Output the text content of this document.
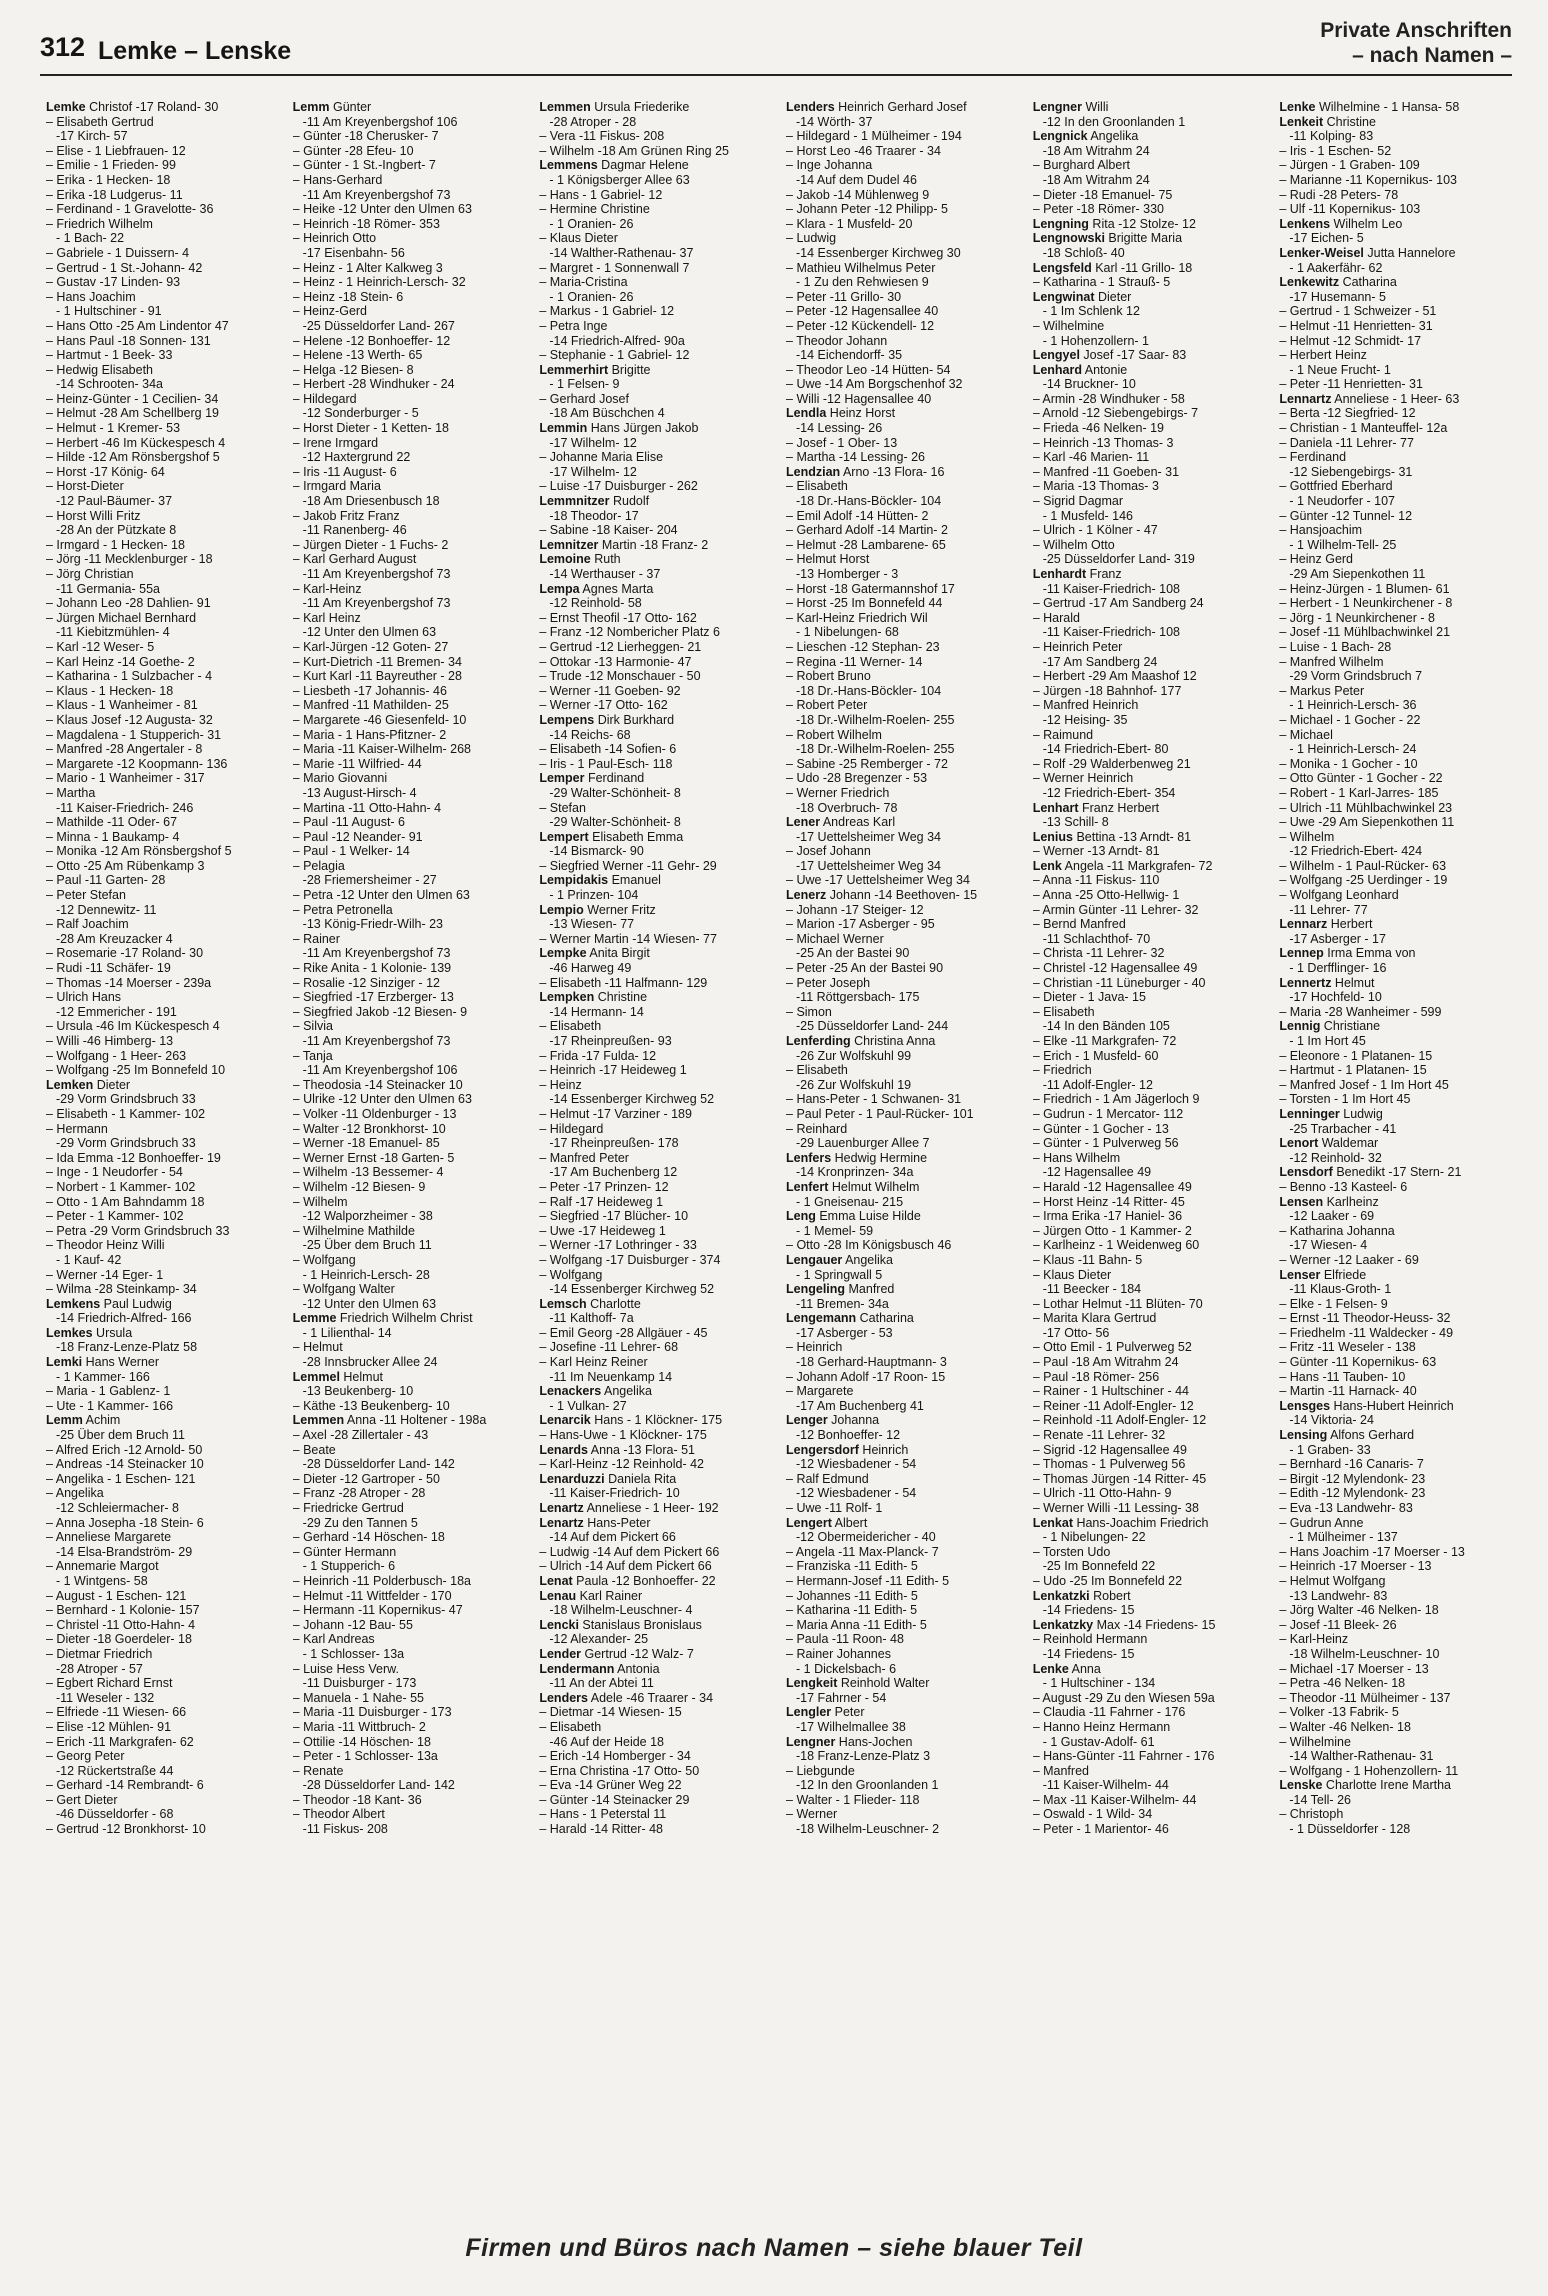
312 Lemke – Lenske
Private Anschriften
– nach Namen –
Lemke Christof -17 Roland- 30
– Elisabeth Gertrud
-17 Kirch- 57
– Elise - 1 Liebfrauen- 12
– Emilie - 1 Frieden- 99
– Erika - 1 Hecken- 18
– Erika -18 Ludgerus- 11
– Ferdinand - 1 Gravelotte- 36
– Friedrich Wilhelm
- 1 Bach- 22
– Gabriele - 1 Duissern- 4
– Gertrud - 1 St.-Johann- 42
– Gustav -17 Linden- 93
– Hans Joachim
- 1 Hultschiner - 91
– Hans Otto -25 Am Lindentor 47
– Hans Paul -18 Sonnen- 131
– Hartmut - 1 Beek- 33
– Hedwig Elisabeth
-14 Schrooten- 34a
– Heinz-Günter - 1 Cecilien- 34
– Helmut -28 Am Schellberg 19
– Helmut - 1 Kremer- 53
– Herbert -46 Im Kückespesch 4
– Hilde -12 Am Rönsbergshof 5
– Horst -17 König- 64
– Horst-Dieter
-12 Paul-Bäumer- 37
– Horst Willi Fritz
-28 An der Pützkate 8
– Irmgard - 1 Hecken- 18
– Jörg -11 Mecklenburger - 18
– Jörg Christian
-11 Germania- 55a
– Johann Leo -28 Dahlien- 91
– Jürgen Michael Bernhard
-11 Kiebitzmühlen- 4
– Karl -12 Weser- 5
– Karl Heinz -14 Goethe- 2
– Katharina - 1 Sulzbacher - 4
– Klaus - 1 Hecken- 18
– Klaus - 1 Wanheimer - 81
– Klaus Josef -12 Augusta- 32
– Magdalena - 1 Stupperich- 31
– Manfred -28 Angertaler - 8
– Margarete -12 Koopmann- 136
– Mario - 1 Wanheimer - 317
– Martha
-11 Kaiser-Friedrich- 246
– Mathilde -11 Oder- 67
– Minna - 1 Baukamp- 4
– Monika -12 Am Rönsbergshof 5
– Otto -25 Am Rübenkamp 3
– Paul -11 Garten- 28
– Peter Stefan
-12 Dennewitz- 11
– Ralf Joachim
-28 Am Kreuzacker 4
– Rosemarie -17 Roland- 30
– Rudi -11 Schäfer- 19
– Thomas -14 Moerser - 239a
– Ulrich Hans
-12 Emmericher - 191
– Ursula -46 Im Kückespesch 4
– Willi -46 Himberg- 13
– Wolfgang - 1 Heer- 263
– Wolfgang -25 Im Bonnefeld 10
Lemken Dieter
-29 Vorm Grindsbruch 33
– Elisabeth - 1 Kammer- 102
– Hermann
-29 Vorm Grindsbruch 33
– Ida Emma -12 Bonhoeffer- 19
– Inge - 1 Neudorfer - 54
– Norbert - 1 Kammer- 102
– Otto - 1 Am Bahndamm 18
– Peter - 1 Kammer- 102
– Petra -29 Vorm Grindsbruch 33
– Theodor Heinz Willi
- 1 Kauf- 42
– Werner -14 Eger- 1
– Wilma -28 Steinkamp- 34
Lemkens Paul Ludwig
-14 Friedrich-Alfred- 166
Lemkes Ursula
-18 Franz-Lenze-Platz 58
Lemki Hans Werner
- 1 Kammer- 166
– Maria - 1 Gablenz- 1
– Ute - 1 Kammer- 166
Lemm Achim
-25 Über dem Bruch 11
– Alfred Erich -12 Arnold- 50
– Andreas -14 Steinacker 10
– Angelika - 1 Eschen- 121
– Angelika
-12 Schleiermacher- 8
– Anna Josepha -18 Stein- 6
– Anneliese Margarete
-14 Elsa-Brandström- 29
– Annemarie Margot
- 1 Wintgens- 58
– August - 1 Eschen- 121
– Bernhard - 1 Kolonie- 157
– Christel -11 Otto-Hahn- 4
– Dieter -18 Goerdeler- 18
– Dietmar Friedrich
-28 Atroper - 57
– Egbert Richard Ernst
-11 Weseler - 132
– Elfriede -11 Wiesen- 66
– Elise -12 Mühlen- 91
– Erich -11 Markgrafen- 62
– Georg Peter
-12 Rückertstraße 44
– Gerhard -14 Rembrandt- 6
– Gert Dieter
-46 Düsseldorfer - 68
– Gertrud -12 Bronkhorst- 10
Lemm Günter
-11 Am Kreyenbergshof 106
– Günter -18 Cherusker- 7
– Günter -28 Efeu- 10
– Günter - 1 St.-Ingbert- 7
– Hans-Gerhard
-11 Am Kreyenbergshof 73
– Heike -12 Unter den Ulmen 63
– Heinrich -18 Römer- 353
– Heinrich Otto
-17 Eisenbahn- 56
– Heinz - 1 Alter Kalkweg 3
– Heinz - 1 Heinrich-Lersch- 32
– Heinz -18 Stein- 6
– Heinz-Gerd
-25 Düsseldorfer Land- 267
– Helene -12 Bonhoeffer- 12
– Helene -13 Werth- 65
– Helga -12 Biesen- 8
– Herbert -28 Windhuker - 24
– Hildegard
-12 Sonderburger - 5
– Horst Dieter - 1 Ketten- 18
– Irene Irmgard
-12 Haxtergrund 22
– Iris -11 August- 6
– Irmgard Maria
-18 Am Driesenbusch 18
– Jakob Fritz Franz
-11 Ranenberg- 46
– Jürgen Dieter - 1 Fuchs- 2
– Karl Gerhard August
-11 Am Kreyenbergshof 73
– Karl-Heinz
-11 Am Kreyenbergshof 73
– Karl Heinz
-12 Unter den Ulmen 63
– Karl-Jürgen -12 Goten- 27
– Kurt-Dietrich -11 Bremen- 34
– Kurt Karl -11 Bayreuther - 28
– Liesbeth -17 Johannis- 46
– Manfred -11 Mathilden- 25
– Margarete -46 Giesenfeld- 10
– Maria - 1 Hans-Pfitzner- 2
– Maria -11 Kaiser-Wilhelm- 268
– Marie -11 Wilfried- 44
– Mario Giovanni
-13 August-Hirsch- 4
– Martina -11 Otto-Hahn- 4
– Paul -11 August- 6
– Paul -12 Neander- 91
– Paul - 1 Welker- 14
– Pelagia
-28 Friemersheimer - 27
– Petra -12 Unter den Ulmen 63
– Petra Petronella
-13 König-Friedr-Wilh- 23
– Rainer
-11 Am Kreyenbergshof 73
– Rike Anita - 1 Kolonie- 139
– Rosalie -12 Sinziger - 12
– Siegfried -17 Erzberger- 13
– Siegfried Jakob -12 Biesen- 9
– Silvia
-11 Am Kreyenbergshof 73
– Tanja
-11 Am Kreyenbergshof 106
– Theodosia -14 Steinacker 10
– Ulrike -12 Unter den Ulmen 63
– Volker -11 Oldenburger - 13
– Walter -12 Bronkhorst- 10
– Werner -18 Emanuel- 85
– Werner Ernst -18 Garten- 5
– Wilhelm -13 Bessemer- 4
– Wilhelm -12 Biesen- 9
– Wilhelm
-12 Walporzheimer - 38
– Wilhelmine Mathilde
-25 Über dem Bruch 11
– Wolfgang
- 1 Heinrich-Lersch- 28
– Wolfgang Walter
-12 Unter den Ulmen 63
Lemme Friedrich Wilhelm Christ
- 1 Lilienthal- 14
– Helmut
-28 Innsbrucker Allee 24
Lemmel Helmut
-13 Beukenberg- 10
– Käthe -13 Beukenberg- 10
Lemmen Anna -11 Holtener - 198a
– Axel -28 Zillertaler - 43
– Beate
-28 Düsseldorfer Land- 142
– Dieter -12 Gartroper - 50
– Franz -28 Atroper - 28
– Friedricke Gertrud
-29 Zu den Tannen 5
– Gerhard -14 Höschen- 18
– Günter Hermann
- 1 Stupperich- 6
– Heinrich -11 Polderbusch- 18a
– Helmut -11 Wittfelder - 170
– Hermann -11 Kopernikus- 47
– Johann -12 Bau- 55
– Karl Andreas
- 1 Schlosser- 13a
– Luise Hess Verw.
-11 Duisburger - 173
– Manuela - 1 Nahe- 55
– Maria -11 Duisburger - 173
– Maria -11 Wittbruch- 2
– Ottilie -14 Höschen- 18
– Peter - 1 Schlosser- 13a
– Renate
-28 Düsseldorfer Land- 142
– Theodor -18 Kant- 36
– Theodor Albert
-11 Fiskus- 208
Lemmen Ursula Friederike
-28 Atroper - 28
– Vera -11 Fiskus- 208
– Wilhelm -18 Am Grünen Ring 25
Lemmens Dagmar Helene
- 1 Königsberger Allee 63
– Hans - 1 Gabriel- 12
– Hermine Christine
- 1 Oranien- 26
– Klaus Dieter
-14 Walther-Rathenau- 37
– Margret - 1 Sonnenwall 7
– Maria-Cristina
- 1 Oranien- 26
– Markus - 1 Gabriel- 12
– Petra Inge
-14 Friedrich-Alfred- 90a
– Stephanie - 1 Gabriel- 12
Lemmerhirt Brigitte
- 1 Felsen- 9
– Gerhard Josef
-18 Am Büschchen 4
Lemmin Hans Jürgen Jakob
-17 Wilhelm- 12
– Johanne Maria Elise
-17 Wilhelm- 12
– Luise -17 Duisburger - 262
Lemmnitzer Rudolf
-18 Theodor- 17
– Sabine -18 Kaiser- 204
Lemnitzer Martin -18 Franz- 2
Lemoine Ruth
-14 Werthauser - 37
Lempa Agnes Marta
-12 Reinhold- 58
– Ernst Theofil -17 Otto- 162
– Franz -12 Nombericher Platz 6
– Gertrud -12 Lierheggen- 21
– Ottokar -13 Harmonie- 47
– Trude -12 Monschauer - 50
– Werner -11 Goeben- 92
– Werner -17 Otto- 162
Lempens Dirk Burkhard
-14 Reichs- 68
– Elisabeth -14 Sofien- 6
– Iris - 1 Paul-Esch- 118
Lemper Ferdinand
-29 Walter-Schönheit- 8
– Stefan
-29 Walter-Schönheit- 8
Lempert Elisabeth Emma
-14 Bismarck- 90
– Siegfried Werner -11 Gehr- 29
Lempidakis Emanuel
- 1 Prinzen- 104
Lempio Werner Fritz
-13 Wiesen- 77
– Werner Martin -14 Wiesen- 77
Lempke Anita Birgit
-46 Harweg 49
– Elisabeth -11 Halfmann- 129
Lempken Christine
-14 Hermann- 14
– Elisabeth
-17 Rheinpreußen- 93
– Frida -17 Fulda- 12
– Heinrich -17 Heideweg 1
– Heinz
-14 Essenberger Kirchweg 52
– Helmut -17 Varziner - 189
– Hildegard
-17 Rheinpreußen- 178
– Manfred Peter
-17 Am Buchenberg 12
– Peter -17 Prinzen- 12
– Ralf -17 Heideweg 1
– Siegfried -17 Blücher- 10
– Uwe -17 Heideweg 1
– Werner -17 Lothringer - 33
– Wolfgang -17 Duisburger - 374
– Wolfgang
-14 Essenberger Kirchweg 52
Lemsch Charlotte
-11 Kalthoff- 7a
– Emil Georg -28 Allgäuer - 45
– Josefine -11 Lehrer- 68
– Karl Heinz Reiner
-11 Im Neuenkamp 14
Lenackers Angelika
- 1 Vulkan- 27
Lenarcik Hans - 1 Klöckner- 175
– Hans-Uwe - 1 Klöckner- 175
Lenards Anna -13 Flora- 51
– Karl-Heinz -12 Reinhold- 42
Lenarduzzi Daniela Rita
-11 Kaiser-Friedrich- 10
Lenartz Anneliese - 1 Heer- 192
Lenartz Hans-Peter
-14 Auf dem Pickert 66
– Ludwig -14 Auf dem Pickert 66
– Ulrich -14 Auf dem Pickert 66
Lenat Paula -12 Bonhoeffer- 22
Lenau Karl Rainer
-18 Wilhelm-Leuschner- 4
Lencki Stanislaus Bronislaus
-12 Alexander- 25
Lender Gertrud -12 Walz- 7
Lendermann Antonia
-11 An der Abtei 11
Lenders Adele -46 Traarer - 34
– Dietmar -14 Wiesen- 15
– Elisabeth
-46 Auf der Heide 18
– Erich -14 Homberger - 34
– Erna Christina -17 Otto- 50
– Eva -14 Grüner Weg 22
– Günter -14 Steinacker 29
– Hans - 1 Peterstal 11
– Harald -14 Ritter- 48
Lenders Heinrich Gerhard Josef
-14 Wörth- 37
– Hildegard - 1 Mülheimer - 194
– Horst Leo -46 Traarer - 34
– Inge Johanna
-14 Auf dem Dudel 46
– Jakob -14 Mühlenweg 9
– Johann Peter -12 Philipp- 5
– Klara - 1 Musfeld- 20
– Ludwig
-14 Essenberger Kirchweg 30
– Mathieu Wilhelmus Peter
- 1 Zu den Rehwiesen 9
– Peter -11 Grillo- 30
– Peter -12 Hagensallee 40
– Peter -12 Kückendell- 12
– Theodor Johann
-14 Eichendorff- 35
– Theodor Leo -14 Hütten- 54
– Uwe -14 Am Borgschenhof 32
– Willi -12 Hagensallee 40
Lendla Heinz Horst
-14 Lessing- 26
– Josef - 1 Ober- 13
– Martha -14 Lessing- 26
Lendzian Arno -13 Flora- 16
– Elisabeth
-18 Dr.-Hans-Böckler- 104
– Emil Adolf -14 Hütten- 2
– Gerhard Adolf -14 Martin- 2
– Helmut -28 Lambarene- 65
– Helmut Horst
-13 Homberger - 3
– Horst -18 Gatermannshof 17
– Horst -25 Im Bonnefeld 44
– Karl-Heinz Friedrich Wil
- 1 Nibelungen- 68
– Lieschen -12 Stephan- 23
– Regina -11 Werner- 14
– Robert Bruno
-18 Dr.-Hans-Böckler- 104
– Robert Peter
-18 Dr.-Wilhelm-Roelen- 255
– Robert Wilhelm
-18 Dr.-Wilhelm-Roelen- 255
– Sabine -25 Remberger - 72
– Udo -28 Bregenzer - 53
– Werner Friedrich
-18 Overbruch- 78
Lener Andreas Karl
-17 Uettelsheimer Weg 34
– Josef Johann
-17 Uettelsheimer Weg 34
– Uwe -17 Uettelsheimer Weg 34
Lenerz Johann -14 Beethoven- 15
– Johann -17 Steiger- 12
– Marion -17 Asberger - 95
– Michael Werner
-25 An der Bastei 90
– Peter -25 An der Bastei 90
– Peter Joseph
-11 Röttgersbach- 175
– Simon
-25 Düsseldorfer Land- 244
Lenferding Christina Anna
-26 Zur Wolfskuhl 99
– Elisabeth
-26 Zur Wolfskuhl 19
– Hans-Peter - 1 Schwanen- 31
– Paul Peter - 1 Paul-Rücker- 101
– Reinhard
-29 Lauenburger Allee 7
Lenfers Hedwig Hermine
-14 Kronprinzen- 34a
Lenfert Helmut Wilhelm
- 1 Gneisenau- 215
Leng Emma Luise Hilde
- 1 Memel- 59
– Otto -28 Im Königsbusch 46
Lengauer Angelika
- 1 Springwall 5
Lengeling Manfred
-11 Bremen- 34a
Lengemann Catharina
-17 Asberger - 53
– Heinrich
-18 Gerhard-Hauptmann- 3
– Johann Adolf -17 Roon- 15
– Margarete
-17 Am Buchenberg 41
Lenger Johanna
-12 Bonhoeffer- 12
Lengersdorf Heinrich
-12 Wiesbadener - 54
– Ralf Edmund
-12 Wiesbadener - 54
– Uwe -11 Rolf- 1
Lengert Albert
-12 Obermeidericher - 40
– Angela -11 Max-Planck- 7
– Franziska -11 Edith- 5
– Hermann-Josef -11 Edith- 5
– Johannes -11 Edith- 5
– Katharina -11 Edith- 5
– Maria Anna -11 Edith- 5
– Paula -11 Roon- 48
– Rainer Johannes
- 1 Dickelsbach- 6
Lengkeit Reinhold Walter
-17 Fahrner - 54
Lengler Peter
-17 Wilhelmallee 38
Lengner Hans-Jochen
-18 Franz-Lenze-Platz 3
– Liebgunde
-12 In den Groonlanden 1
– Walter - 1 Flieder- 118
– Werner
-18 Wilhelm-Leuschner- 2
Lengner Willi
-12 In den Groonlanden 1
Lengnick Angelika
-18 Am Witrahm 24
– Burghard Albert
-18 Am Witrahm 24
– Dieter -18 Emanuel- 75
– Peter -18 Römer- 330
Lengning Rita -12 Stolze- 12
Lengnowski Brigitte Maria
-18 Schloß- 40
Lengsfeld Karl -11 Grillo- 18
– Katharina - 1 Strauß- 5
Lengwinat Dieter
- 1 Im Schlenk 12
– Wilhelmine
- 1 Hohenzollern- 1
Lengyel Josef -17 Saar- 83
Lenhard Antonie
-14 Bruckner- 10
– Armin -28 Windhuker - 58
– Arnold -12 Siebengebirgs- 7
– Frieda -46 Nelken- 19
– Heinrich -13 Thomas- 3
– Karl -46 Marien- 11
– Manfred -11 Goeben- 31
– Maria -13 Thomas- 3
– Sigrid Dagmar
- 1 Musfeld- 146
– Ulrich - 1 Kölner - 47
– Wilhelm Otto
-25 Düsseldorfer Land- 319
Lenhardt Franz
-11 Kaiser-Friedrich- 108
– Gertrud -17 Am Sandberg 24
– Harald
-11 Kaiser-Friedrich- 108
– Heinrich Peter
-17 Am Sandberg 24
– Herbert -29 Am Maashof 12
– Jürgen -18 Bahnhof- 177
– Manfred Heinrich
-12 Heising- 35
– Raimund
-14 Friedrich-Ebert- 80
– Rolf -29 Walderbenweg 21
– Werner Heinrich
-12 Friedrich-Ebert- 354
Lenhart Franz Herbert
-13 Schill- 8
Lenius Bettina -13 Arndt- 81
– Werner -13 Arndt- 81
Lenk Angela -11 Markgrafen- 72
– Anna -11 Fiskus- 110
– Anna -25 Otto-Hellwig- 1
– Armin Günter -11 Lehrer- 32
– Bernd Manfred
-11 Schlachthof- 70
– Christa -11 Lehrer- 32
– Christel -12 Hagensallee 49
– Christian -11 Lüneburger - 40
– Dieter - 1 Java- 15
– Elisabeth
-14 In den Bänden 105
– Elke -11 Markgrafen- 72
– Erich - 1 Musfeld- 60
– Friedrich
-11 Adolf-Engler- 12
– Friedrich - 1 Am Jägerloch 9
– Gudrun - 1 Mercator- 112
– Günter - 1 Gocher - 13
– Günter - 1 Pulverweg 56
– Hans Wilhelm
-12 Hagensallee 49
– Harald -12 Hagensallee 49
– Horst Heinz -14 Ritter- 45
– Irma Erika -17 Haniel- 36
– Jürgen Otto - 1 Kammer- 2
– Karlheinz - 1 Weidenweg 60
– Klaus -11 Bahn- 5
– Klaus Dieter
-11 Beecker - 184
– Lothar Helmut -11 Blüten- 70
– Marita Klara Gertrud
-17 Otto- 56
– Otto Emil - 1 Pulverweg 52
– Paul -18 Am Witrahm 24
– Paul -18 Römer- 256
– Rainer - 1 Hultschiner - 44
– Reiner -11 Adolf-Engler- 12
– Reinhold -11 Adolf-Engler- 12
– Renate -11 Lehrer- 32
– Sigrid -12 Hagensallee 49
– Thomas - 1 Pulverweg 56
– Thomas Jürgen -14 Ritter- 45
– Ulrich -11 Otto-Hahn- 9
– Werner Willi -11 Lessing- 38
Lenkat Hans-Joachim Friedrich
- 1 Nibelungen- 22
– Torsten Udo
-25 Im Bonnefeld 22
– Udo -25 Im Bonnefeld 22
Lenkatzki Robert
-14 Friedens- 15
Lenkatzky Max -14 Friedens- 15
– Reinhold Hermann
-14 Friedens- 15
Lenke Anna
- 1 Hultschiner - 134
– August -29 Zu den Wiesen 59a
– Claudia -11 Fahrner - 176
– Hanno Heinz Hermann
- 1 Gustav-Adolf- 61
– Hans-Günter -11 Fahrner - 176
– Manfred
-11 Kaiser-Wilhelm- 44
– Max -11 Kaiser-Wilhelm- 44
– Oswald - 1 Wild- 34
– Peter - 1 Marientor- 46
Lenke Wilhelmine - 1 Hansa- 58
Lenkeit Christine
-11 Kolping- 83
– Iris - 1 Eschen- 52
– Jürgen - 1 Graben- 109
– Marianne -11 Kopernikus- 103
– Rudi -28 Peters- 78
– Ulf -11 Kopernikus- 103
Lenkens Wilhelm Leo
-17 Eichen- 5
Lenker-Weisel Jutta Hannelore
- 1 Aakerfähr- 62
Lenkewitz Catharina
-17 Husemann- 5
– Gertrud - 1 Schweizer - 51
– Helmut -11 Henrietten- 31
– Helmut -12 Schmidt- 17
– Herbert Heinz
- 1 Neue Frucht- 1
– Peter -11 Henrietten- 31
Lennartz Anneliese - 1 Heer- 63
– Berta -12 Siegfried- 12
– Christian - 1 Manteuffel- 12a
– Daniela -11 Lehrer- 77
– Ferdinand
-12 Siebengebirgs- 31
– Gottfried Eberhard
- 1 Neudorfer - 107
– Günter -12 Tunnel- 12
– Hansjoachim
- 1 Wilhelm-Tell- 25
– Heinz Gerd
-29 Am Siepenkothen 11
– Heinz-Jürgen - 1 Blumen- 61
– Herbert - 1 Neunkirchener - 8
– Jörg - 1 Neunkirchener - 8
– Josef -11 Mühlbachwinkel 21
– Luise - 1 Bach- 28
– Manfred Wilhelm
-29 Vorm Grindsbruch 7
– Markus Peter
- 1 Heinrich-Lersch- 36
– Michael - 1 Gocher - 22
– Michael
- 1 Heinrich-Lersch- 24
– Monika - 1 Gocher - 10
– Otto Günter - 1 Gocher - 22
– Robert - 1 Karl-Jarres- 185
– Ulrich -11 Mühlbachwinkel 23
– Uwe -29 Am Siepenkothen 11
– Wilhelm
-12 Friedrich-Ebert- 424
– Wilhelm - 1 Paul-Rücker- 63
– Wolfgang -25 Uerdinger - 19
– Wolfgang Leonhard
-11 Lehrer- 77
Lennarz Herbert
-17 Asberger - 17
Lennep Irma Emma von
- 1 Derfflinger- 16
Lennertz Helmut
-17 Hochfeld- 10
– Maria -28 Wanheimer - 599
Lennig Christiane
- 1 Im Hort 45
– Eleonore - 1 Platanen- 15
– Hartmut - 1 Platanen- 15
– Manfred Josef - 1 Im Hort 45
– Torsten - 1 Im Hort 45
Lenninger Ludwig
-25 Trarbacher - 41
Lenort Waldemar
-12 Reinhold- 32
Lensdorf Benedikt -17 Stern- 21
– Benno -13 Kasteel- 6
Lensen Karlheinz
-12 Laaker - 69
– Katharina Johanna
-17 Wiesen- 4
– Werner -12 Laaker - 69
Lenser Elfriede
-11 Klaus-Groth- 1
– Elke - 1 Felsen- 9
– Ernst -11 Theodor-Heuss- 32
– Friedhelm -11 Waldecker - 49
– Fritz -11 Weseler - 138
– Günter -11 Kopernikus- 63
– Hans -11 Tauben- 10
– Martin -11 Harnack- 40
Lensges Hans-Hubert Heinrich
-14 Viktoria- 24
Lensing Alfons Gerhard
- 1 Graben- 33
– Bernhard -16 Canaris- 7
– Birgit -12 Mylendonk- 23
– Edith -12 Mylendonk- 23
– Eva -13 Landwehr- 83
– Gudrun Anne
- 1 Mülheimer - 137
– Hans Joachim -17 Moerser - 13
– Heinrich -17 Moerser - 13
– Helmut Wolfgang
-13 Landwehr- 83
– Jörg Walter -46 Nelken- 18
– Josef -11 Bleek- 26
– Karl-Heinz
-18 Wilhelm-Leuschner- 10
– Michael -17 Moerser - 13
– Petra -46 Nelken- 18
– Theodor -11 Mülheimer - 137
– Volker -13 Fabrik- 5
– Walter -46 Nelken- 18
– Wilhelmine
-14 Walther-Rathenau- 31
– Wolfgang - 1 Hohenzollern- 11
Lenske Charlotte Irene Martha
-14 Tell- 26
– Christoph
- 1 Düsseldorfer - 128
Firmen und Büros nach Namen – siehe blauer Teil
